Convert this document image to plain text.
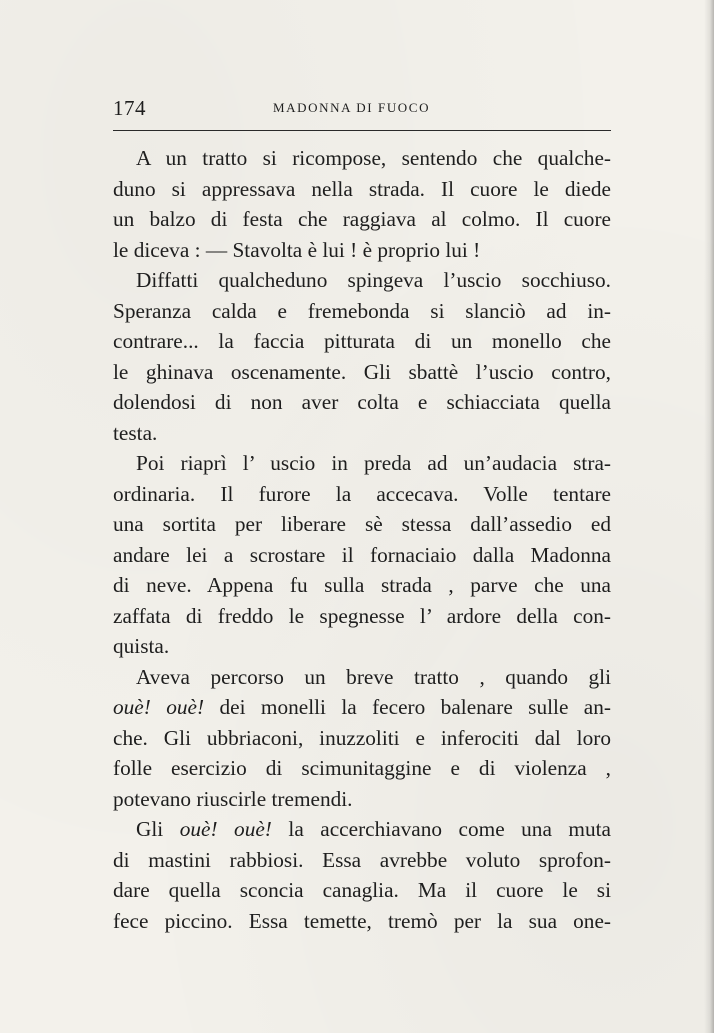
174	MADONNA DI FUOCO
A un tratto si ricompose, sentendo che qualche-
duno si appressava nella strada. Il cuore le diede
un balzo di festa che raggiava al colmo. Il cuore
le diceva : — Stavolta è lui ! è proprio lui !
Diffatti qualcheduno spingeva l’uscio socchiuso.
Speranza calda e fremebonda si slanciò ad in-
contrare... la faccia pitturata di un monello che
le ghinava oscenamente. Gli sbattè l’uscio contro,
dolendosi di non aver colta e schiacciata quella
testa.
Poi riaprì l’ uscio in preda ad un’audacia stra-
ordinaria. Il furore la accecava. Volle tentare
una sortita per liberare sè stessa dall’assedio ed
andare lei a scrostare il fornaciaio dalla Madonna
di neve. Appena fu sulla strada , parve che una
zaffata di freddo le spegnesse l’ ardore della con-
quista.
Aveva percorso un breve tratto , quando gli
ouè! ouè! dei monelli la fecero balenare sulle an-
che. Gli ubbriaconi, inuzzoliti e inferociti dal loro
folle esercizio di scimunitaggine e di violenza ,
potevano riuscirle tremendi.
Gli ouè! ouè! la accerchiavano come una muta
di mastini rabbiosi. Essa avrebbe voluto sprofon-
dare quella sconcia canaglia. Ma il cuore le si
fece piccino. Essa temette, tremò per la sua one-
